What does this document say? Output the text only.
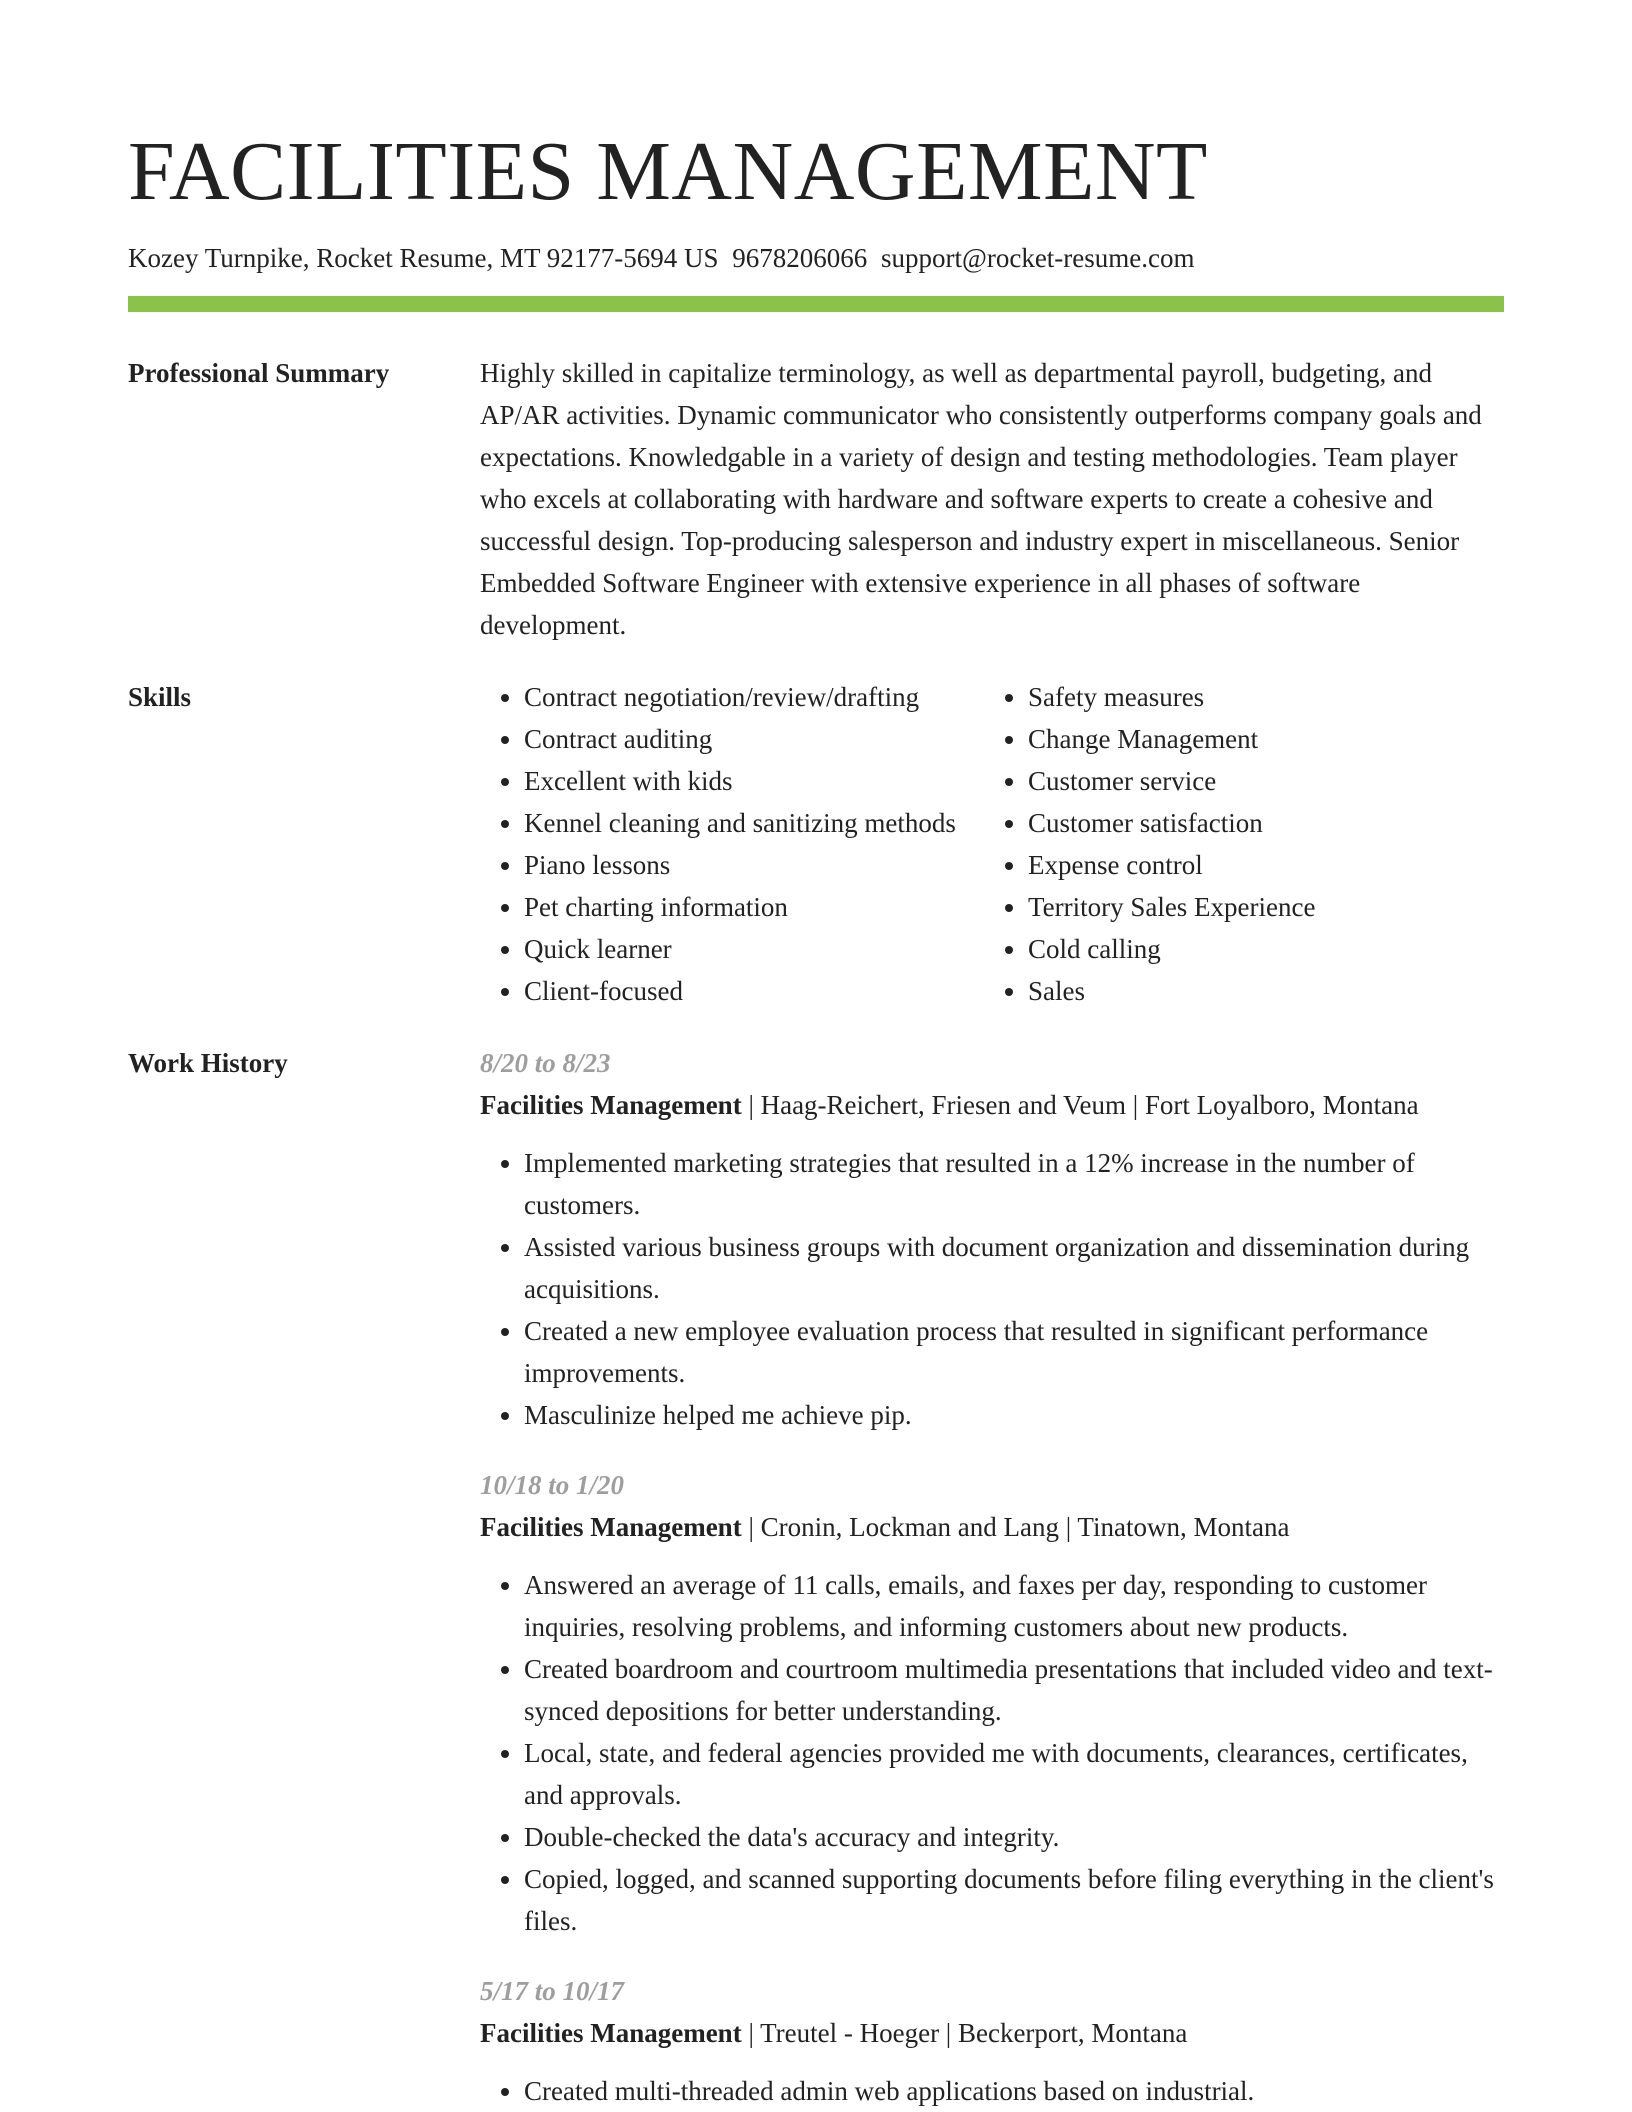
FACILITIES MANAGEMENT
Kozey Turnpike, Rocket Resume, MT 92177-5694 US 9678206066 support@rocket-resume.com
Professional Summary	Highly skilled in capitalize terminology, as well as departmental payroll, budgeting, and AP/AR activities. Dynamic communicator who consistently outperforms company goals and expectations. Knowledgable in a variety of design and testing methodologies. Team player who excels at collaborating with hardware and software experts to create a cohesive and successful design. Top-producing salesperson and industry expert in miscellaneous. Senior Embedded Software Engineer with extensive experience in all phases of software development.

Skills
•	Contract negotiation/review/drafting
• Contract auditing
• Excellent with kids
• Kennel cleaning and sanitizing methods
• Piano lessons
• Pet charting information
• Quick learner
• Client-focused
• Safety measures
• Change Management
• Customer service
• Customer satisfaction
• Expense control
• Territory Sales Experience
• Cold calling
• Sales
Work History	8/20 to 8/23
Facilities Management | Haag-Reichert, Friesen and Veum | Fort Loyalboro, Montana
• Implemented marketing strategies that resulted in a 12% increase in the number of customers.
• Assisted various business groups with document organization and dissemination during acquisitions.
• Created a new employee evaluation process that resulted in significant performance improvements.
• Masculinize helped me achieve pip.
10/18 to 1/20
Facilities Management | Cronin, Lockman and Lang | Tinatown, Montana
• Answered an average of 11 calls, emails, and faxes per day, responding to customer inquiries, resolving problems, and informing customers about new products.
• Created boardroom and courtroom multimedia presentations that included video and text-synced depositions for better understanding.
• Local, state, and federal agencies provided me with documents, clearances, certificates, and approvals.
• Double-checked the data's accuracy and integrity.
• Copied, logged, and scanned supporting documents before filing everything in the client's files.
5/17 to 10/17
Facilities Management | Treutel - Hoeger | Beckerport, Montana
• Created multi-threaded admin web applications based on industrial.
